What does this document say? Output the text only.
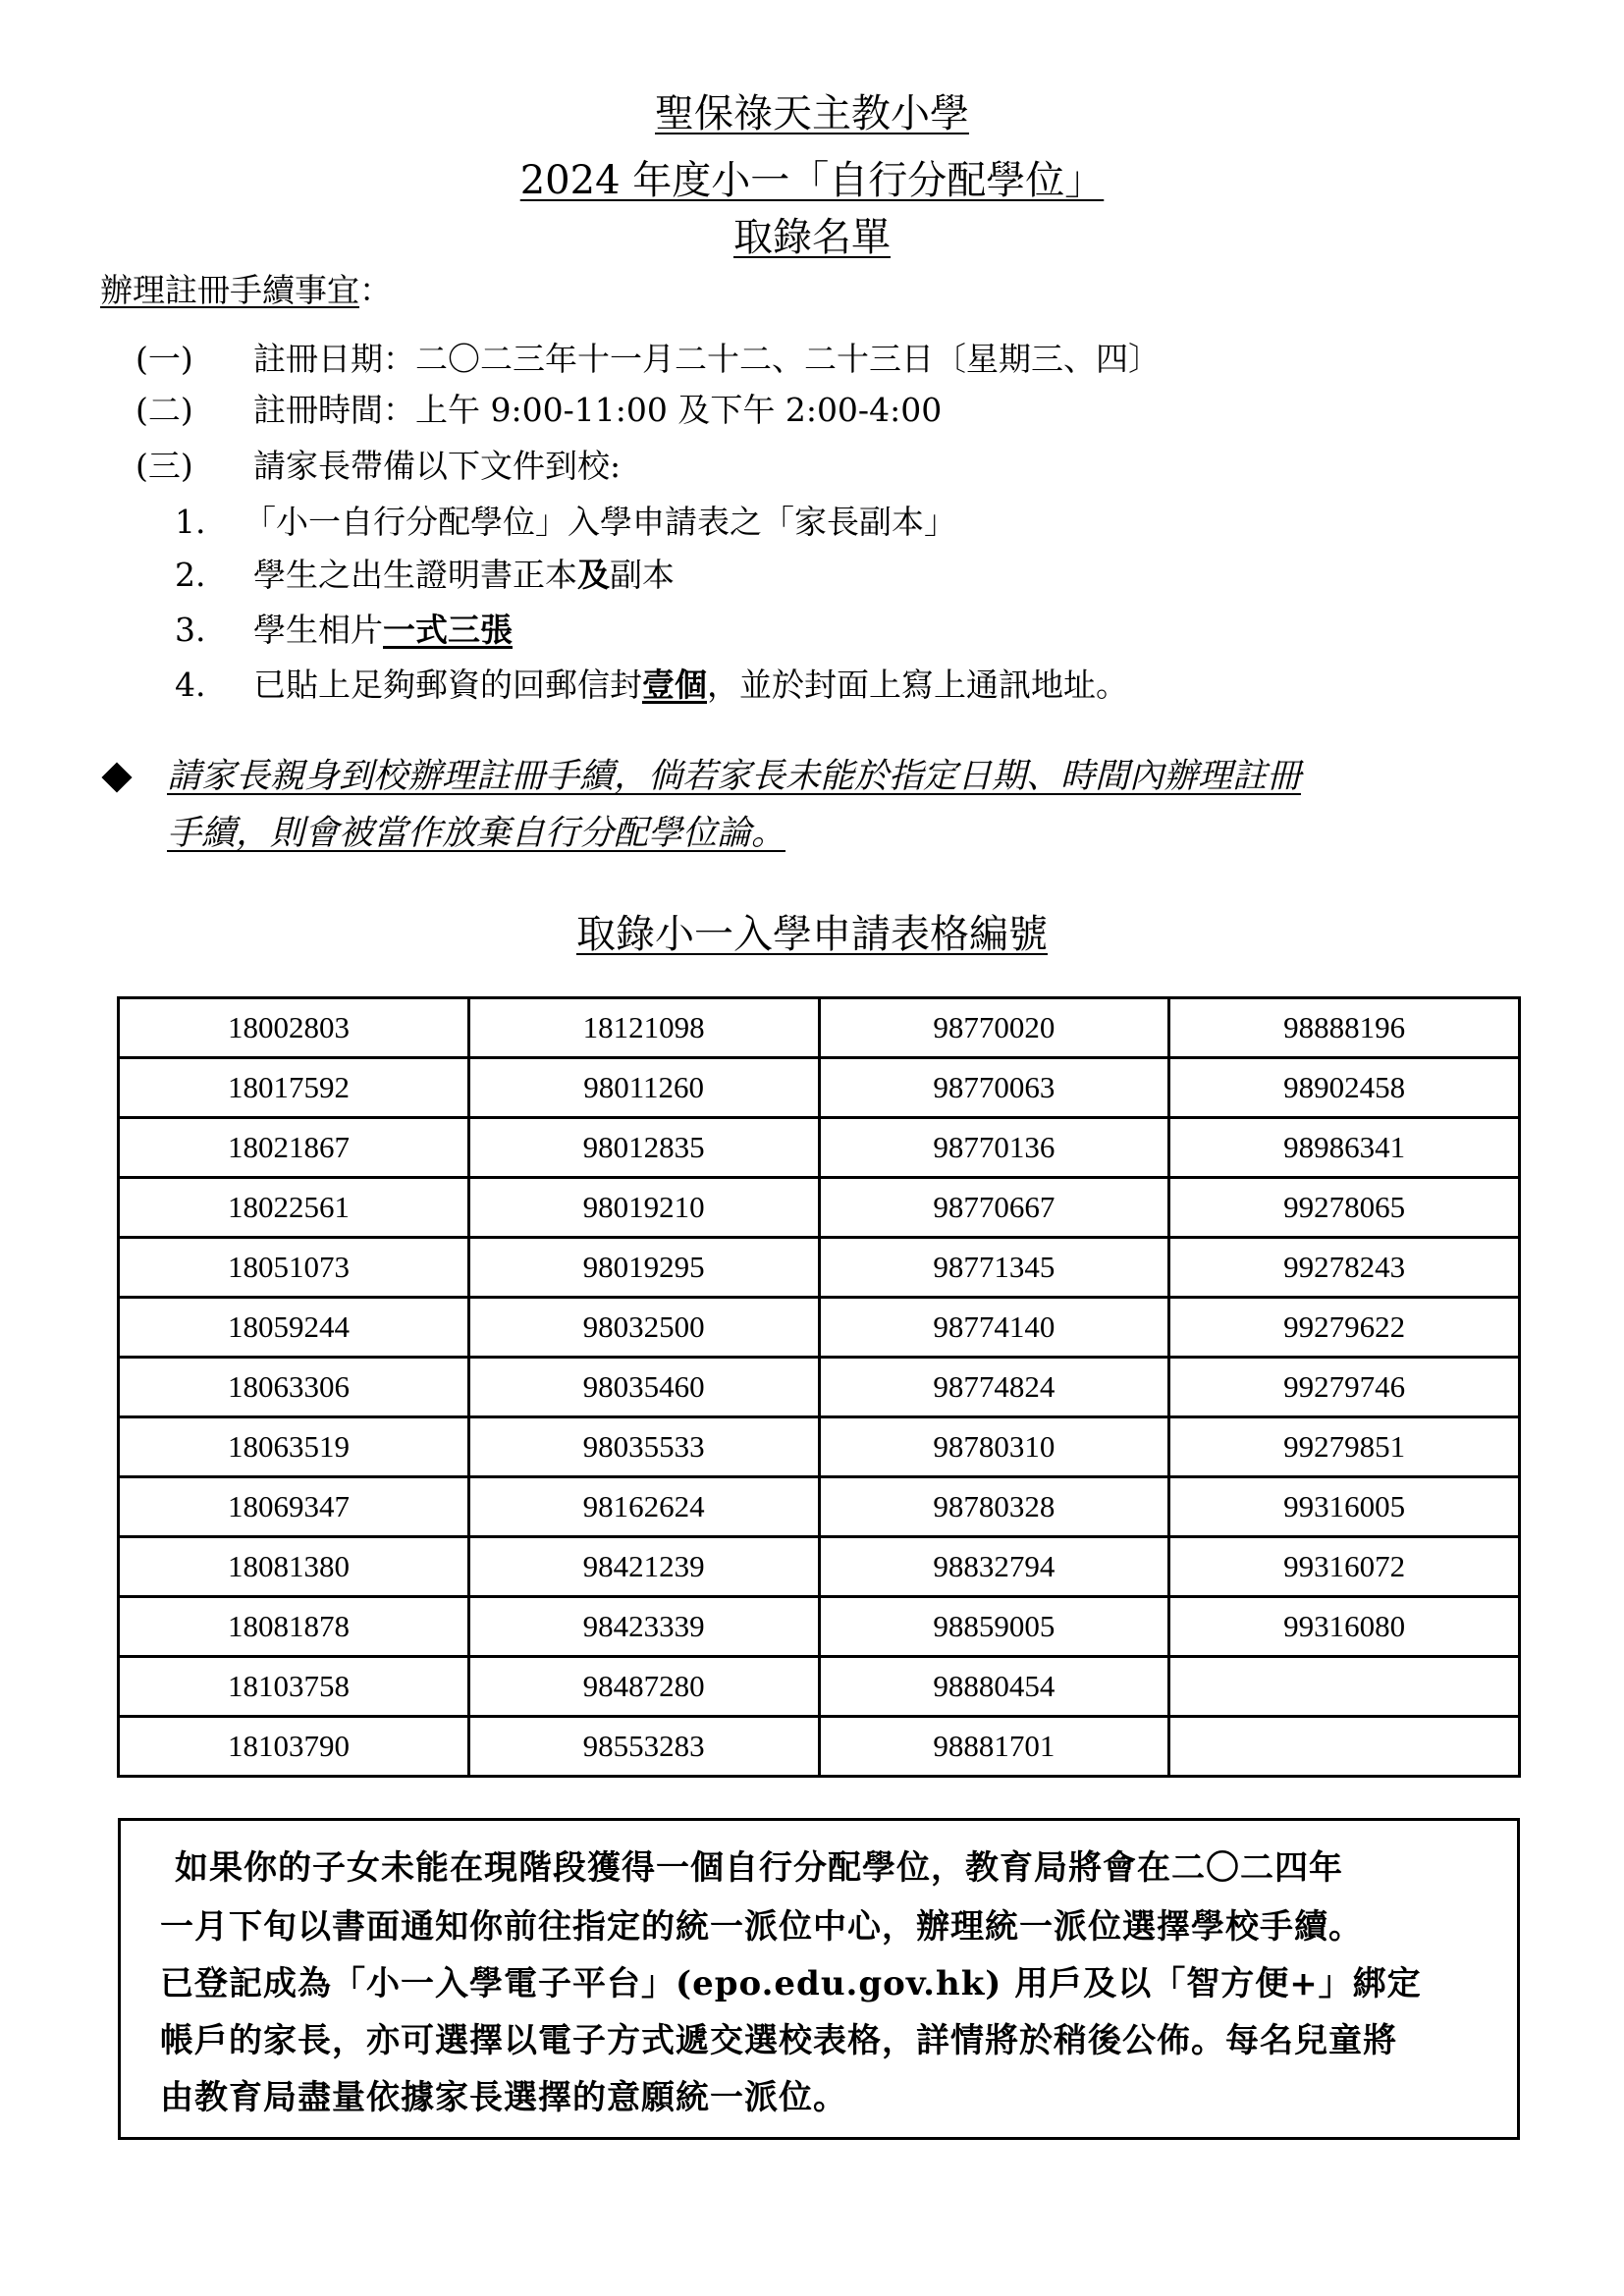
聖保祿天主教小學
2024 年度小一「自行分配學位」
取錄名單
辦理註冊手續事宜：
(一) 註冊日期：二〇二三年十一月二十二、二十三日〔星期三、四〕
(二) 註冊時間：上午 9:00-11:00 及下午 2:00-4:00
(三) 請家長帶備以下文件到校:
1. 「小一自行分配學位」入學申請表之「家長副本」
2. 學生之出生證明書正本及副本
3. 學生相片一式三張
4. 已貼上足夠郵資的回郵信封壹個，並於封面上寫上通訊地址。
請家長親身到校辦理註冊手續，倘若家長未能於指定日期、時間內辦理註冊
手續，則會被當作放棄自行分配學位論。
取錄小一入學申請表格編號
18002803	18121098	98770020	98888196
18017592	98011260	98770063	98902458
18021867	98012835	98770136	98986341
18022561	98019210	98770667	99278065
18051073	98019295	98771345	99278243
18059244	98032500	98774140	99279622
18063306	98035460	98774824	99279746
18063519	98035533	98780310	99279851
18069347	98162624	98780328	99316005
18081380	98421239	98832794	99316072
18081878	98423339	98859005	99316080
18103758	98487280	98880454	
18103790	98553283	98881701	
如果你的子女未能在現階段獲得一個自行分配學位，教育局將會在二〇二四年
一月下旬以書面通知你前往指定的統一派位中心，辦理統一派位選擇學校手續。
已登記成為「小一入學電子平台」(epo.edu.gov.hk) 用戶及以「智方便+」綁定
帳戶的家長，亦可選擇以電子方式遞交選校表格，詳情將於稍後公佈。每名兒童將
由教育局盡量依據家長選擇的意願統一派位。
